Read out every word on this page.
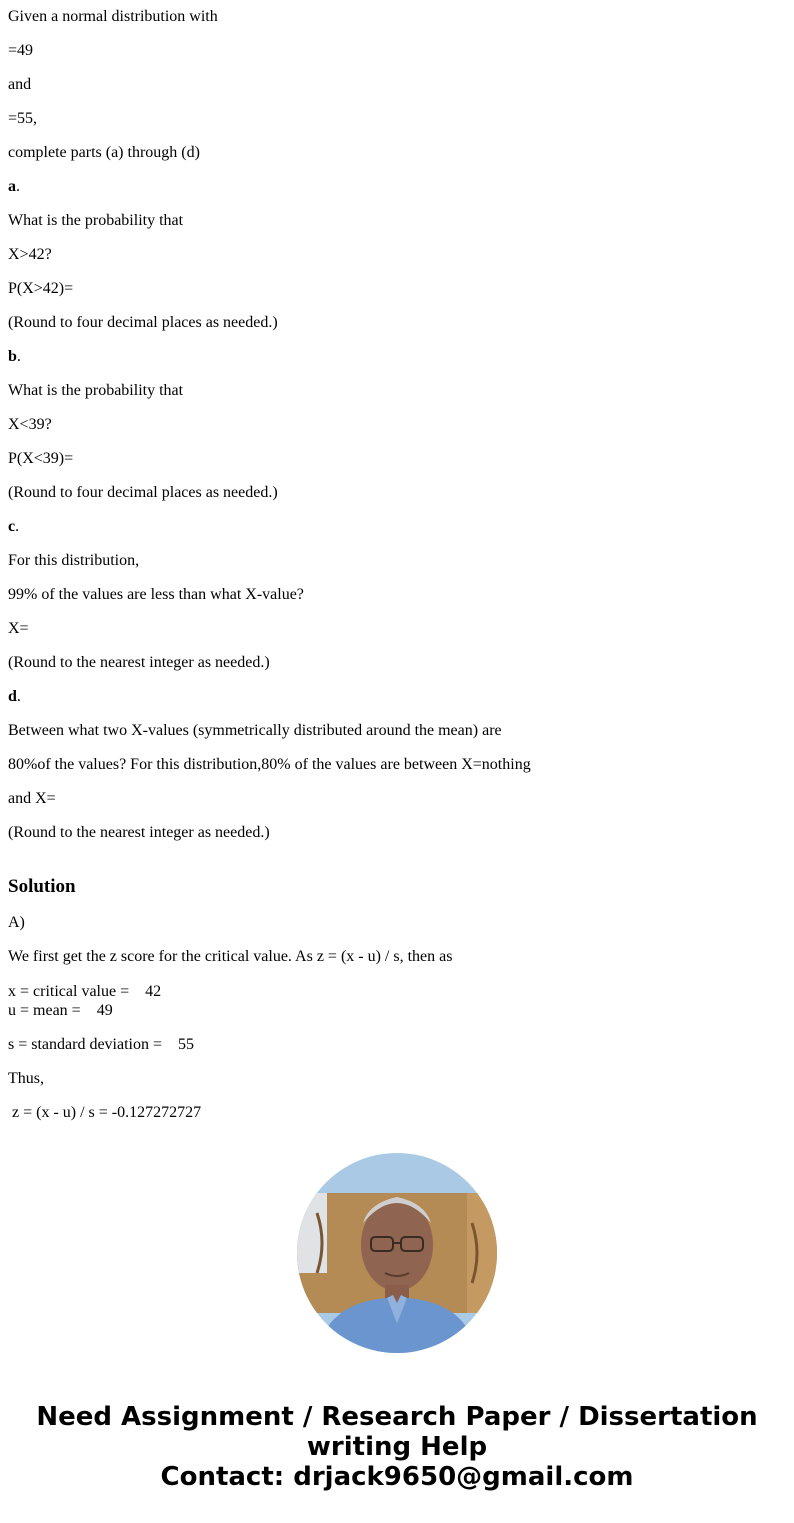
Given a normal distribution with

=49

and

=55,

complete parts (a) through (d)

a.

What is the probability that

X>42?

P(X>42)=

(Round to four decimal places as needed.)

b.

What is the probability that

X<39?

P(X<39)=

(Round to four decimal places as needed.)

c.

For this distribution,

99% of the values are less than what X-value?

X=

(Round to the nearest integer as needed.)

d.

Between what two X-values (symmetrically distributed around the mean) are

80%of the values? For this distribution,80% of the values are between X=nothing

and X=

(Round to the nearest integer as needed.)

Solution

A)

We first get the z score for the critical value. As z = (x - u) / s, then as

x = critical value = 42

u = mean = 49

s = standard deviation = 55

Thus,

z = (x - u) / s = -0.127272727

Need Assignment / Research Paper / Dissertation
writing Help
Contact: drjack9650@gmail.com
